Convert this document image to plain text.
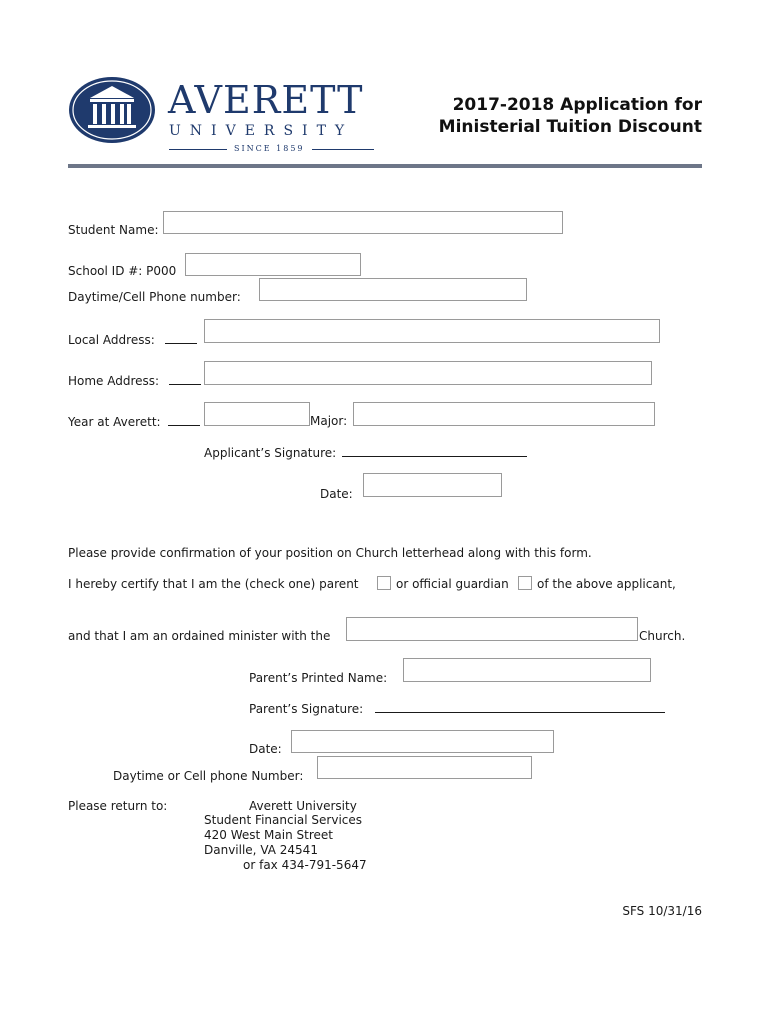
AVERETT
UNIVERSITY
SINCE 1859
2017-2018 Application for
Ministerial Tuition Discount
Student Name:
School ID #: P000
Daytime/Cell Phone number:
Local Address:
Home Address:
Year at Averett:	Major:
Applicant’s Signature:
Date:
Please provide confirmation of your position on Church letterhead along with this form.
I hereby certify that I am the (check one) parent	or official guardian of the above applicant,
and that I am an ordained minister with the	Church.
Parent’s Printed Name:
Parent’s Signature:
Date:
Daytime or Cell phone Number:
Please return to:	Averett University
Student Financial Services
420 West Main Street
Danville, VA 24541
or fax 434-791-5647
SFS 10/31/16
